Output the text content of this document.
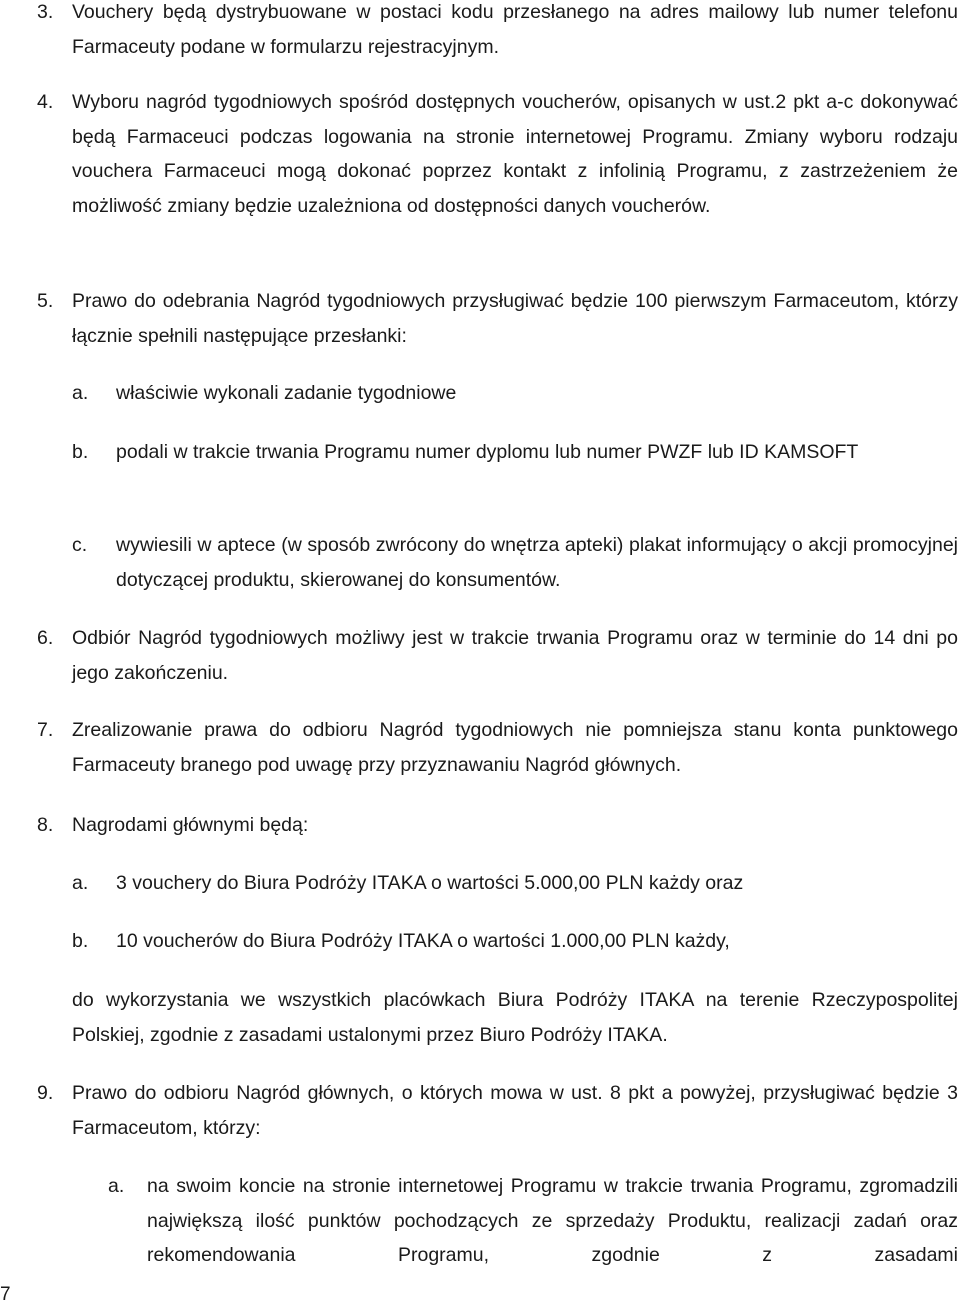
3. Vouchery będą dystrybuowane w postaci kodu przesłanego na adres mailowy lub numer telefonu Farmaceuty podane w formularzu rejestracyjnym.
4. Wyboru nagród tygodniowych spośród dostępnych voucherów, opisanych w ust.2 pkt a-c dokonywać będą Farmaceuci podczas logowania na stronie internetowej Programu. Zmiany wyboru rodzaju vouchera Farmaceuci mogą dokonać poprzez kontakt z infolinią Programu, z zastrzeżeniem że możliwość zmiany będzie uzależniona od dostępności danych voucherów.
5. Prawo do odebrania Nagród tygodniowych przysługiwać będzie 100 pierwszym Farmaceutom, którzy łącznie spełnili następujące przesłanki:
a.	właściwie wykonali zadanie tygodniowe
b.	podali w trakcie trwania Programu numer dyplomu lub numer PWZF lub ID KAMSOFT
c.	wywiesili w aptece (w sposób zwrócony do wnętrza apteki) plakat informujący o akcji promocyjnej dotyczącej produktu, skierowanej do konsumentów.
6. Odbiór Nagród tygodniowych możliwy jest w trakcie trwania Programu oraz w terminie do 14 dni po jego zakończeniu.
7. Zrealizowanie prawa do odbioru Nagród tygodniowych nie pomniejsza stanu konta punktowego Farmaceuty branego pod uwagę przy przyznawaniu Nagród głównych.
8. Nagrodami głównymi będą:
a.	3 vouchery do Biura Podróży ITAKA o wartości 5.000,00 PLN każdy oraz
b.	10 voucherów do Biura Podróży ITAKA o wartości 1.000,00 PLN każdy,
do wykorzystania we wszystkich placówkach Biura Podróży ITAKA na terenie Rzeczypospolitej Polskiej, zgodnie z zasadami ustalonymi przez Biuro Podróży ITAKA.
9. Prawo do odbioru Nagród głównych, o których mowa w ust. 8 pkt a powyżej, przysługiwać będzie 3 Farmaceutom, którzy:
a.	na swoim koncie na stronie internetowej Programu w trakcie trwania Programu, zgromadzili największą ilość punktów pochodzących ze sprzedaży Produktu, realizacji zadań oraz rekomendowania Programu, zgodnie z zasadami
7
